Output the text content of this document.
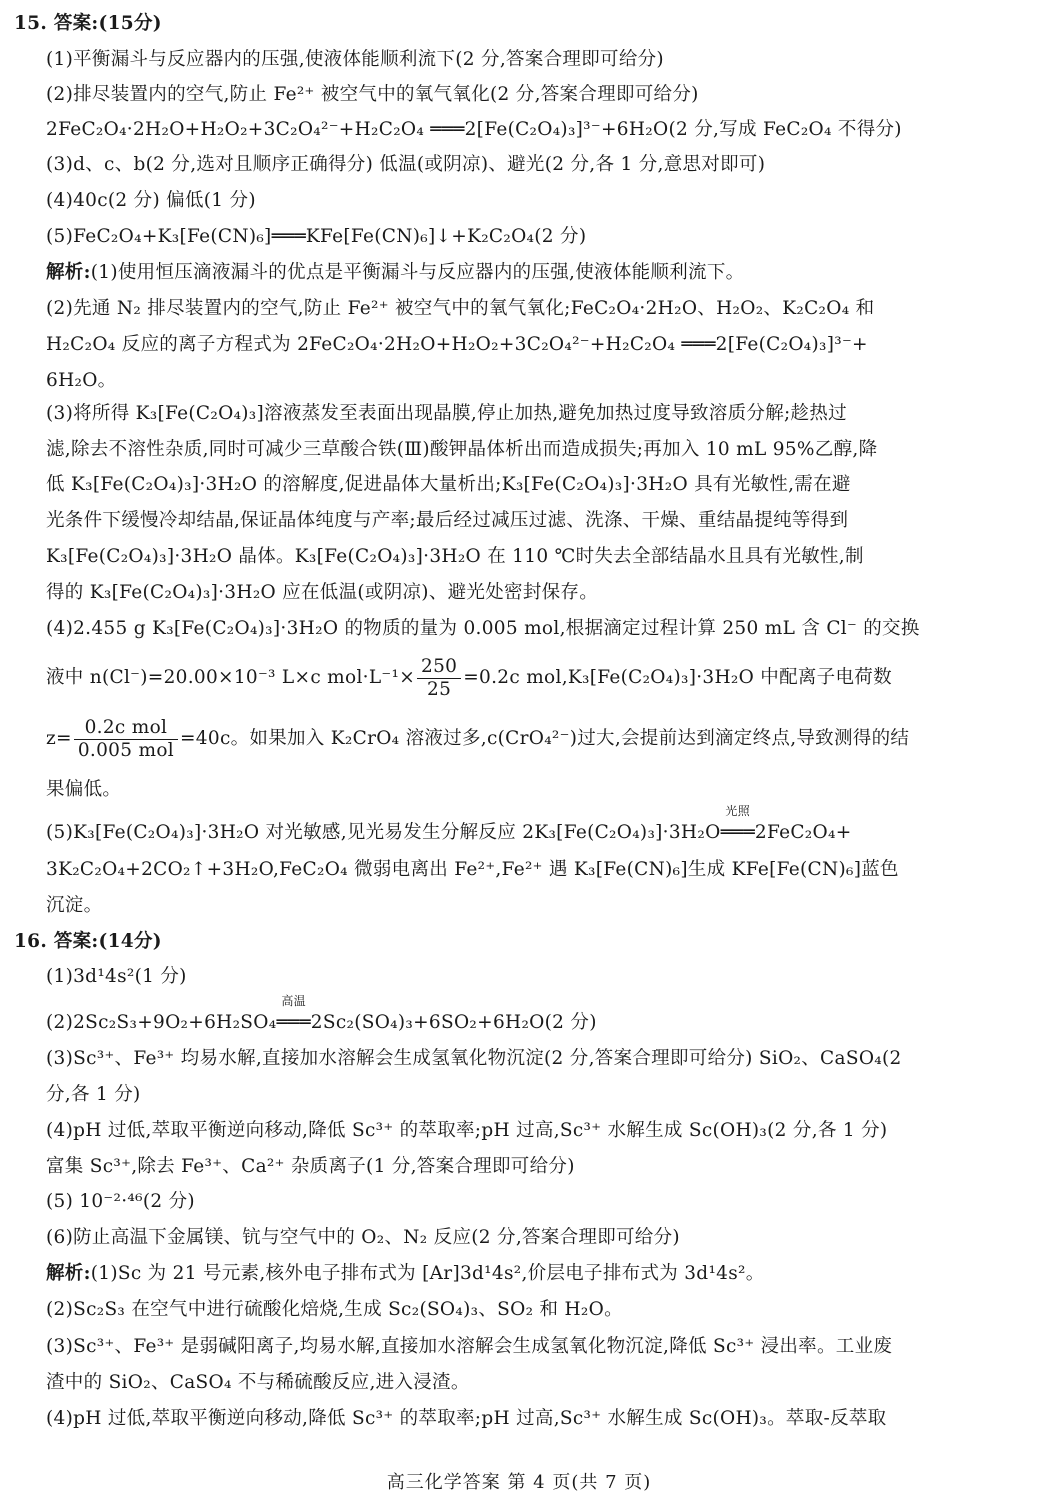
15. 答案:(15分)
(1)平衡漏斗与反应器内的压强,使液体能顺利流下(2 分,答案合理即可给分)
(2)排尽装置内的空气,防止 Fe²⁺ 被空气中的氧气氧化(2 分,答案合理即可给分)
2FeC₂O₄·2H₂O+H₂O₂+3C₂O₄²⁻+H₂C₂O₄ ═══2[Fe(C₂O₄)₃]³⁻+6H₂O(2 分,写成 FeC₂O₄ 不得分)
(3)d、c、b(2 分,选对且顺序正确得分) 低温(或阴凉)、避光(2 分,各 1 分,意思对即可)
(4)40c(2 分) 偏低(1 分)
(5)FeC₂O₄+K₃[Fe(CN)₆]═══KFe[Fe(CN)₆]↓+K₂C₂O₄(2 分)
解析:(1)使用恒压滴液漏斗的优点是平衡漏斗与反应器内的压强,使液体能顺利流下。
(2)先通 N₂ 排尽装置内的空气,防止 Fe²⁺ 被空气中的氧气氧化;FeC₂O₄·2H₂O、H₂O₂、K₂C₂O₄ 和
H₂C₂O₄ 反应的离子方程式为 2FeC₂O₄·2H₂O+H₂O₂+3C₂O₄²⁻+H₂C₂O₄ ═══2[Fe(C₂O₄)₃]³⁻+
6H₂O。
(3)将所得 K₃[Fe(C₂O₄)₃]溶液蒸发至表面出现晶膜,停止加热,避免加热过度导致溶质分解;趁热过
滤,除去不溶性杂质,同时可减少三草酸合铁(Ⅲ)酸钾晶体析出而造成损失;再加入 10 mL 95%乙醇,降
低 K₃[Fe(C₂O₄)₃]·3H₂O 的溶解度,促进晶体大量析出;K₃[Fe(C₂O₄)₃]·3H₂O 具有光敏性,需在避
光条件下缓慢冷却结晶,保证晶体纯度与产率;最后经过减压过滤、洗涤、干燥、重结晶提纯等得到
K₃[Fe(C₂O₄)₃]·3H₂O 晶体。K₃[Fe(C₂O₄)₃]·3H₂O 在 110 ℃时失去全部结晶水且具有光敏性,制
得的 K₃[Fe(C₂O₄)₃]·3H₂O 应在低温(或阴凉)、避光处密封保存。
(4)2.455 g K₃[Fe(C₂O₄)₃]·3H₂O 的物质的量为 0.005 mol,根据滴定过程计算 250 mL 含 Cl⁻ 的交换
液中 n(Cl⁻)=20.00×10⁻³ L×c $mol\cdot L^{-1}\times \frac{250}{25} =0.2c$ mol,K₃[Fe(C₂O₄)₃]·3H₂O 中配离子电荷数
$z= \frac{\text{0.2c mol}}{\text{0.005 mol}} =40c$。如果加入 K₂CrO₄ 溶液过多,c(CrO₄²⁻)过大,会提前达到滴定终点,导致测得的结
果偏低。
(5)K₃[Fe(C₂O₄)₃]·3H₂O 对光敏感,见光易发生分解反应 2K₃[Fe(C₂O₄)₃]·3H₂O
光照
═══2FeC₂O₄+
3K₂C₂O₄+2CO₂↑+3H₂O,FeC₂O₄ 微弱电离出 Fe²⁺,Fe²⁺ 遇 K₃[Fe(CN)₆]生成 KFe[Fe(CN)₆]蓝色
沉淀。
16. 答案:(14分)
(1)3d¹4s²(1 分)
(2)2Sc₂S₃+9O₂+6H₂SO₄
高温
═══2Sc₂(SO₄)₃+6SO₂+6H₂O(2 分)
(3)Sc³⁺、Fe³⁺ 均易水解,直接加水溶解会生成氢氧化物沉淀(2 分,答案合理即可给分) SiO₂、CaSO₄(2
分,各 1 分)
(4)pH 过低,萃取平衡逆向移动,降低 Sc³⁺ 的萃取率;pH 过高,Sc³⁺ 水解生成 Sc(OH)₃(2 分,各 1 分)
富集 Sc³⁺,除去 Fe³⁺、Ca²⁺ 杂质离子(1 分,答案合理即可给分)
(5) 10⁻²·⁴⁶(2 分)
(6)防止高温下金属镁、钪与空气中的 O₂、N₂ 反应(2 分,答案合理即可给分)
解析:(1)Sc 为 21 号元素,核外电子排布式为 [Ar]3d¹4s²,价层电子排布式为 3d¹4s²。
(2)Sc₂S₃ 在空气中进行硫酸化焙烧,生成 Sc₂(SO₄)₃、SO₂ 和 H₂O。
(3)Sc³⁺、Fe³⁺ 是弱碱阳离子,均易水解,直接加水溶解会生成氢氧化物沉淀,降低 Sc³⁺ 浸出率。工业废
渣中的 SiO₂、CaSO₄ 不与稀硫酸反应,进入浸渣。
(4)pH 过低,萃取平衡逆向移动,降低 Sc³⁺ 的萃取率;pH 过高,Sc³⁺ 水解生成 Sc(OH)₃。萃取-反萃取
高三化学答案 第 4 页(共 7 页)
